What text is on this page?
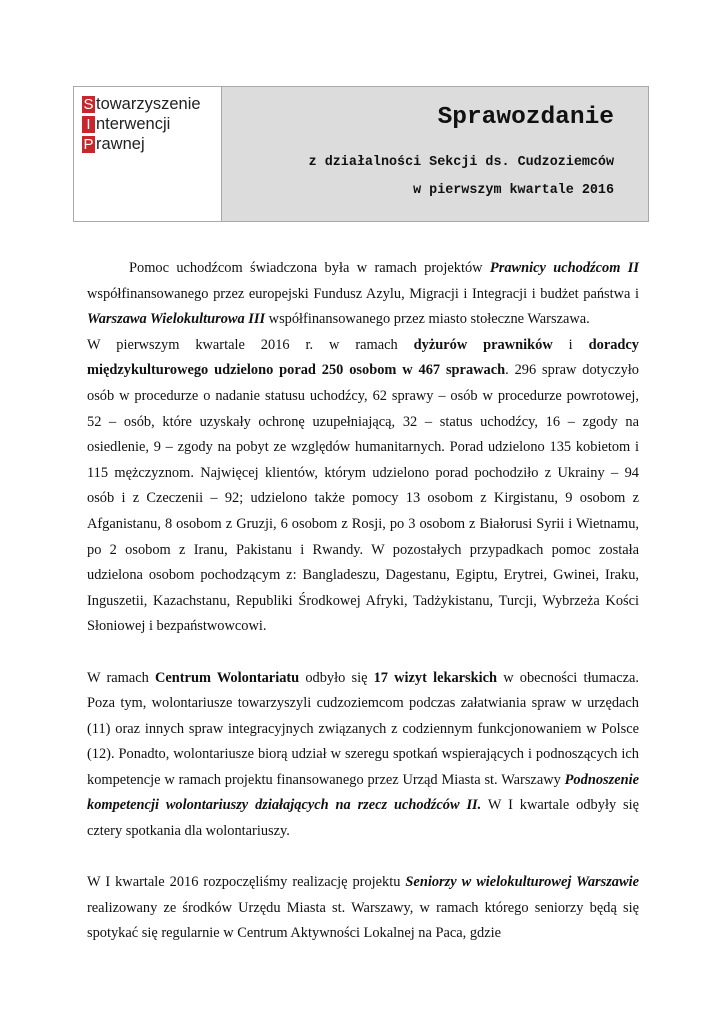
S towarzyszenie
I nterwencji
P rawnej
Sprawozdanie
z działalności Sekcji ds. Cudzoziemców
w pierwszym kwartale 2016

Pomoc uchodźcom świadczona była w ramach projektów Prawnicy uchodźcom II współfinansowanego przez europejski Fundusz Azylu, Migracji i Integracji i budżet państwa i Warszawa Wielokulturowa III współfinansowanego przez miasto stołeczne Warszawa.

W pierwszym kwartale 2016 r. w ramach dyżurów prawników i doradcy międzykulturowego udzielono porad 250 osobom w 467 sprawach. 296 spraw dotyczyło osób w procedurze o nadanie statusu uchodźcy, 62 sprawy – osób w procedurze powrotowej, 52 – osób, które uzyskały ochronę uzupełniającą, 32 – status uchodźcy, 16 – zgody na osiedlenie, 9 – zgody na pobyt ze względów humanitarnych. Porad udzielono 135 kobietom i 115 mężczyznom. Najwięcej klientów, którym udzielono porad pochodziło z Ukrainy – 94 osób i z Czeczenii – 92; udzielono także pomocy 13 osobom z Kirgistanu, 9 osobom z Afganistanu, 8 osobom z Gruzji, 6 osobom z Rosji, po 3 osobom z Białorusi Syrii i Wietnamu, po 2 osobom z Iranu, Pakistanu i Rwandy. W pozostałych przypadkach pomoc została udzielona osobom pochodzącym z: Bangladeszu, Dagestanu, Egiptu, Erytrei, Gwinei, Iraku, Inguszetii, Kazachstanu, Republiki Środkowej Afryki, Tadżykistanu, Turcji, Wybrzeża Kości Słoniowej i bezpaństwowcowi.

W ramach Centrum Wolontariatu odbyło się 17 wizyt lekarskich w obecności tłumacza. Poza tym, wolontariusze towarzyszyli cudzoziemcom podczas załatwiania spraw w urzędach (11) oraz innych spraw integracyjnych związanych z codziennym funkcjonowaniem w Polsce (12). Ponadto, wolontariusze biorą udział w szeregu spotkań wspierających i podnoszących ich kompetencje w ramach projektu finansowanego przez Urząd Miasta st. Warszawy Podnoszenie kompetencji wolontariuszy działających na rzecz uchodźców II. W I kwartale odbyły się cztery spotkania dla wolontariuszy.

W I kwartale 2016 rozpoczęliśmy realizację projektu Seniorzy w wielokulturowej Warszawie realizowany ze środków Urzędu Miasta st. Warszawy, w ramach którego seniorzy będą się spotykać się regularnie w Centrum Aktywności Lokalnej na Paca, gdzie
